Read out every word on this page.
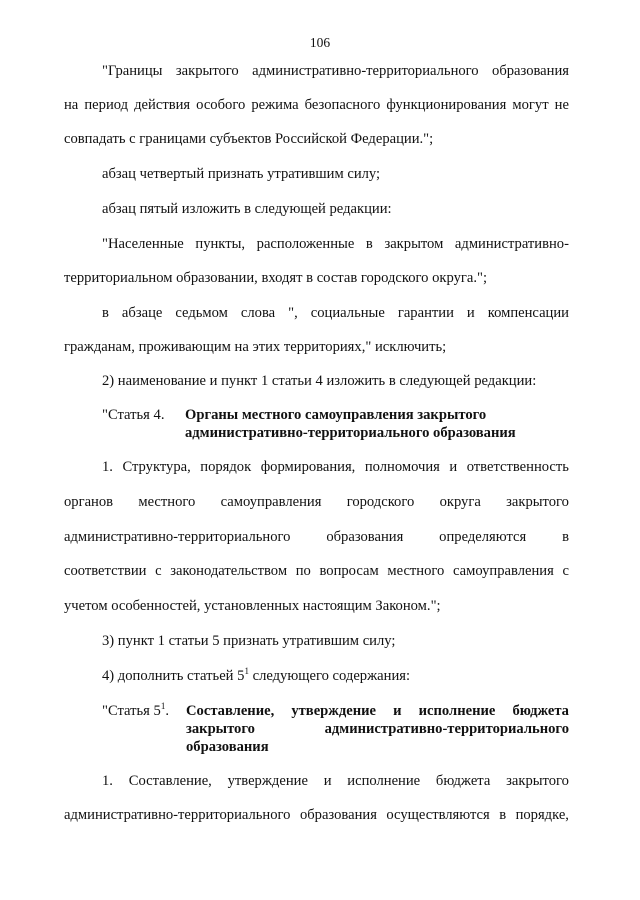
106
"Границы закрытого административно-территориального образования
на период действия особого режима безопасного функционирования могут не
совпадать с границами субъектов Российской Федерации.";
абзац четвертый признать утратившим силу;
абзац пятый изложить в следующей редакции:
"Населенные пункты, расположенные в закрытом административно-
территориальном образовании, входят в состав городского округа.";
в абзаце седьмом слова ", социальные гарантии и компенсации
гражданам, проживающим на этих территориях," исключить;
2) наименование и пункт 1 статьи 4 изложить в следующей редакции:
"Статья 4. Органы местного самоуправления закрытого
административно-территориального образования
1. Структура, порядок формирования, полномочия и ответственность
органов местного самоуправления городского округа закрытого
административно-территориального образования определяются в
соответствии с законодательством по вопросам местного самоуправления с
учетом особенностей, установленных настоящим Законом.";
3) пункт 1 статьи 5 признать утратившим силу;
4) дополнить статьей $5^1$ следующего содержания:
"Статья $5^1$. Составление, утверждение и исполнение бюджета
закрытого	административно-территориального
образования
1. Составление, утверждение и исполнение бюджета закрытого
административно-территориального образования осуществляются в порядке,
